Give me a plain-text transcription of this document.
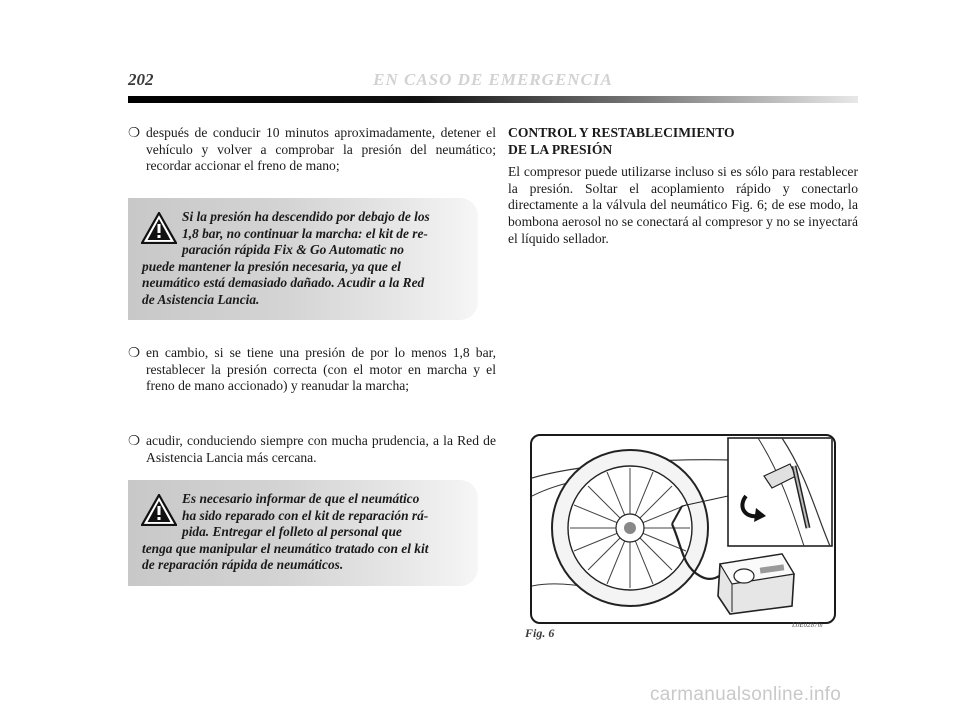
202	EN CASO DE EMERGENCIA
❍ después de conducir 10 minutos aproximadamente, detener el vehículo y volver a comprobar la presión del neumático; recordar accionar el freno de mano;
Si la presión ha descendido por debajo de los
1,8 bar, no continuar la marcha: el kit de re-
paración rápida Fix & Go Automatic no
puede mantener la presión necesaria, ya que el
neumático está demasiado dañado. Acudir a la Red
de Asistencia Lancia.
❍ en cambio, si se tiene una presión de por lo menos 1,8 bar, restablecer la presión correcta (con el motor en marcha y el freno de mano accionado) y reanudar la marcha;
❍ acudir, conduciendo siempre con mucha prudencia, a la Red de Asistencia Lancia más cercana.
Es necesario informar de que el neumático
ha sido reparado con el kit de reparación rá-
pida. Entregar el folleto al personal que
tenga que manipular el neumático tratado con el kit
de reparación rápida de neumáticos.
CONTROL Y RESTABLECIMIENTO
DE LA PRESIÓN
El compresor puede utilizarse incluso si es sólo para restablecer la presión. Soltar el acoplamiento rápido y conectarlo directamente a la válvula del neumático Fig. 6; de ese modo, la bombona aerosol no se conectará al compresor y no se inyectará el líquido sellador.
Fig. 6
L0E0287m
carmanualsonline.info
